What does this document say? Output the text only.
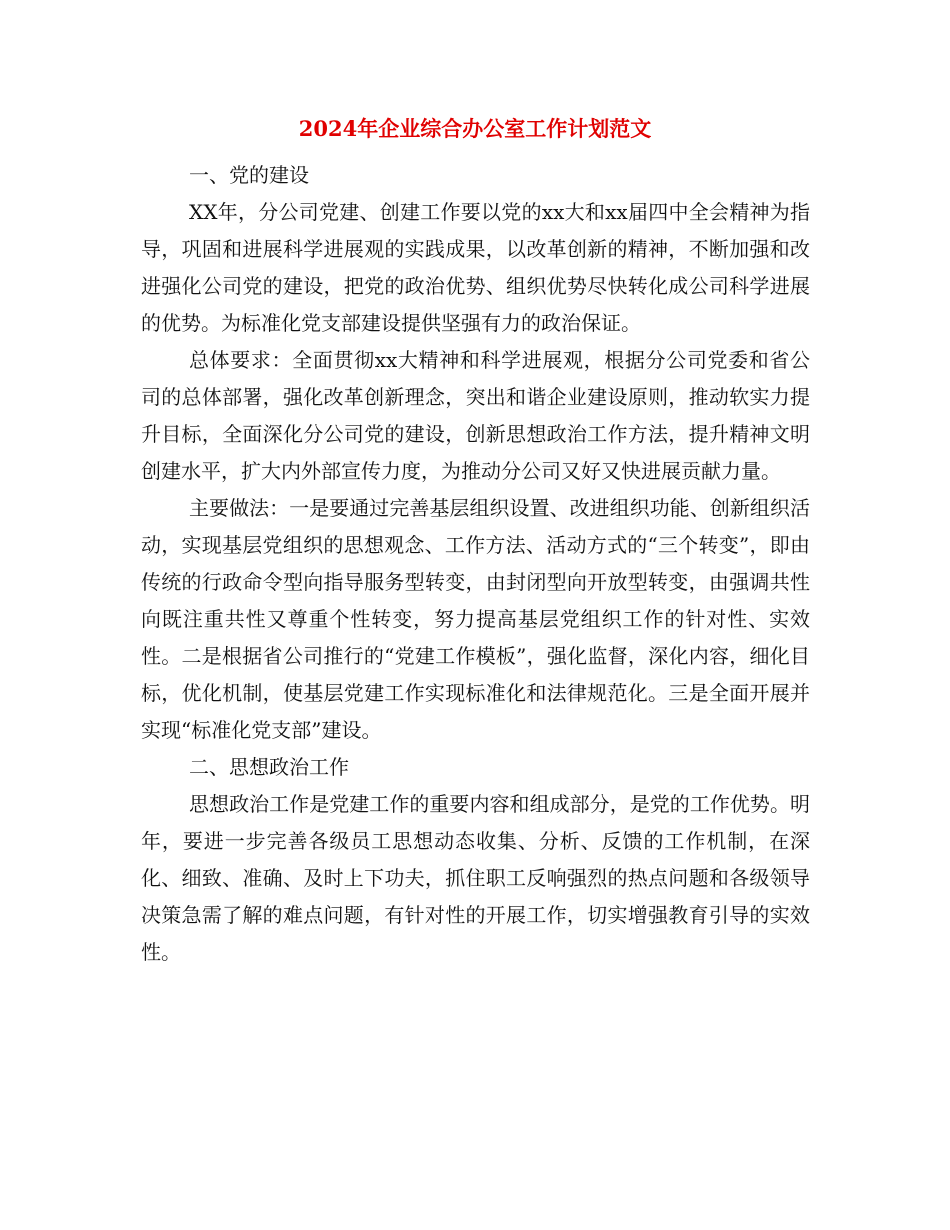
2024年企业综合办公室工作计划范文

一、党的建设

XX年，分公司党建、创建工作要以党的xx大和xx届四中全会精神为指导，巩固和进展科学进展观的实践成果，以改革创新的精神，不断加强和改进强化公司党的建设，把党的政治优势、组织优势尽快转化成公司科学进展的优势。为标准化党支部建设提供坚强有力的政治保证。

总体要求：全面贯彻xx大精神和科学进展观，根据分公司党委和省公司的总体部署，强化改革创新理念，突出和谐企业建设原则，推动软实力提升目标，全面深化分公司党的建设，创新思想政治工作方法，提升精神文明创建水平，扩大内外部宣传力度，为推动分公司又好又快进展贡献力量。

主要做法：一是要通过完善基层组织设置、改进组织功能、创新组织活动，实现基层党组织的思想观念、工作方法、活动方式的“三个转变”，即由传统的行政命令型向指导服务型转变，由封闭型向开放型转变，由强调共性向既注重共性又尊重个性转变，努力提高基层党组织工作的针对性、实效性。二是根据省公司推行的“党建工作模板”，强化监督，深化内容，细化目标，优化机制，使基层党建工作实现标准化和法律规范化。三是全面开展并实现“标准化党支部”建设。

二、思想政治工作

思想政治工作是党建工作的重要内容和组成部分，是党的工作优势。明年，要进一步完善各级员工思想动态收集、分析、反馈的工作机制，在深化、细致、准确、及时上下功夫，抓住职工反响强烈的热点问题和各级领导决策急需了解的难点问题，有针对性的开展工作，切实增强教育引导的实效性。
